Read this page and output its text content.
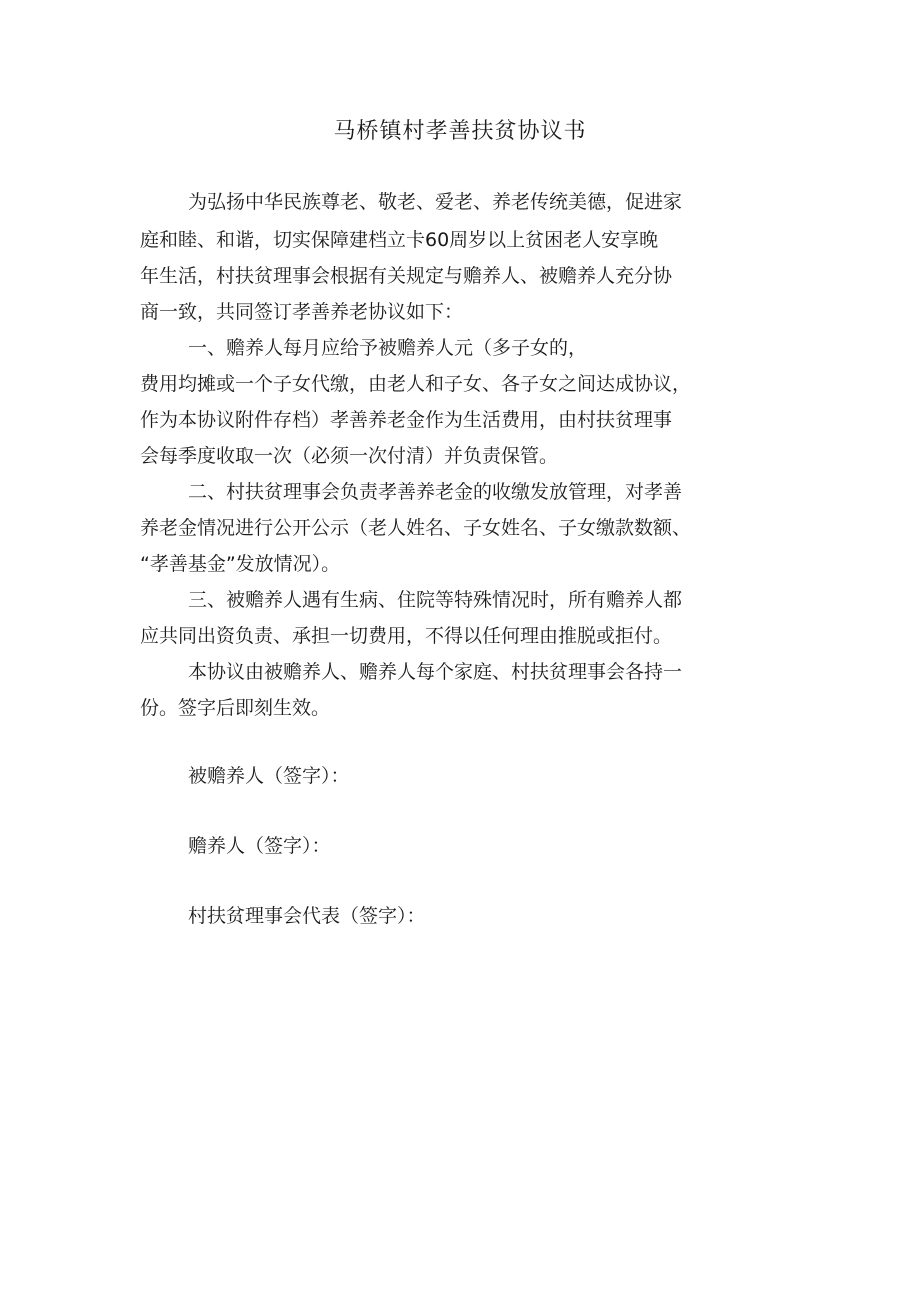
马桥镇村孝善扶贫协议书

为弘扬中华民族尊老、敬老、爱老、养老传统美德，促进家

庭和睦、和谐，切实保障建档立卡60周岁以上贫困老人安享晚

年生活，村扶贫理事会根据有关规定与赡养人、被赡养人充分协

商一致，共同签订孝善养老协议如下：

一、赡养人每月应给予被赡养人元（多子女的，

费用均摊或一个子女代缴，由老人和子女、各子女之间达成协议，

作为本协议附件存档）孝善养老金作为生活费用，由村扶贫理事

会每季度收取一次（必须一次付清）并负责保管。

二、村扶贫理事会负责孝善养老金的收缴发放管理，对孝善

养老金情况进行公开公示（老人姓名、子女姓名、子女缴款数额、

“孝善基金”发放情况）。

三、被赡养人遇有生病、住院等特殊情况时，所有赡养人都

应共同出资负责、承担一切费用，不得以任何理由推脱或拒付。

本协议由被赡养人、赡养人每个家庭、村扶贫理事会各持一

份。签字后即刻生效。

被赡养人（签字）：

赡养人（签字）：

村扶贫理事会代表（签字）：
